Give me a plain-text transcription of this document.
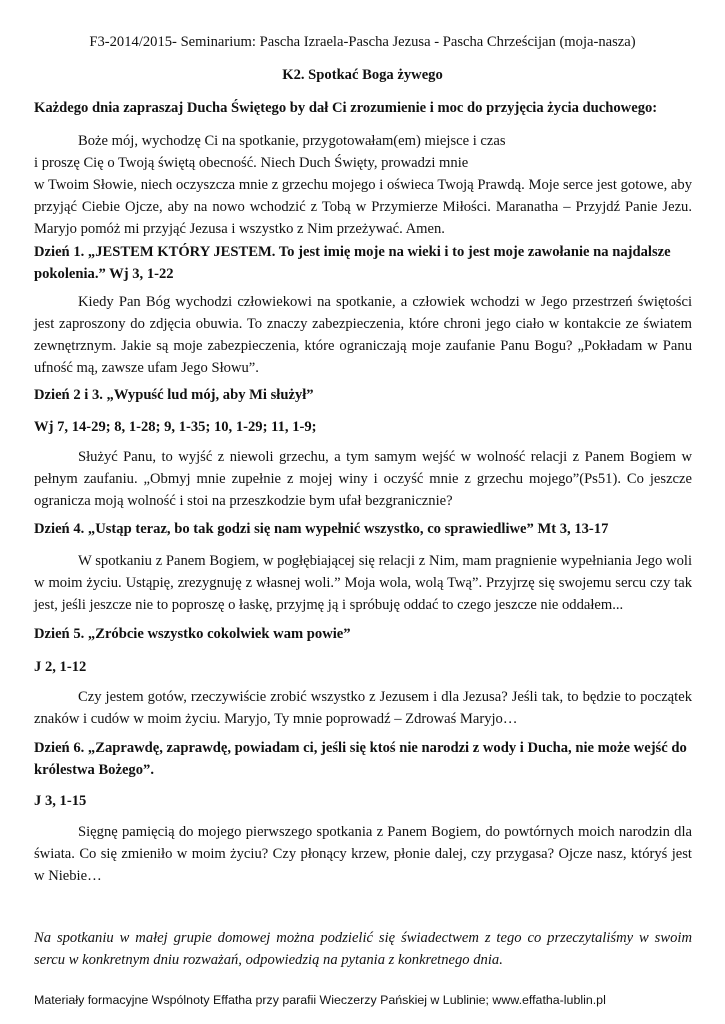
F3-2014/2015- Seminarium: Pascha Izraela-Pascha Jezusa - Pascha Chrześcijan (moja-nasza)
K2. Spotkać Boga żywego
Każdego dnia zapraszaj Ducha Świętego by dał Ci zrozumienie i moc do przyjęcia życia duchowego:
Boże mój, wychodzę Ci na spotkanie, przygotowałam(em) miejsce i czas
i proszę Cię o Twoją świętą obecność. Niech Duch Święty, prowadzi mnie
w Twoim Słowie, niech oczyszcza mnie z grzechu mojego i oświeca Twoją Prawdą. Moje serce jest gotowe, aby przyjąć Ciebie Ojcze, aby na nowo wchodzić z Tobą w Przymierze Miłości. Maranatha – Przyjdź Panie Jezu. Maryjo pomóż mi przyjąć Jezusa i wszystko z Nim przeżywać. Amen.
Dzień 1. „JESTEM KTÓRY JESTEM. To jest imię moje na wieki i to jest moje zawołanie na najdalsze pokolenia.” Wj 3, 1-22
Kiedy Pan Bóg wychodzi człowiekowi na spotkanie, a człowiek wchodzi w Jego przestrzeń świętości jest zaproszony do zdjęcia obuwia. To znaczy zabezpieczenia, które chroni jego ciało w kontakcie ze światem zewnętrznym. Jakie są moje zabezpieczenia, które ograniczają moje zaufanie Panu Bogu? „Pokładam w Panu ufność mą, zawsze ufam Jego Słowu”.
Dzień 2 i 3. „Wypuść lud mój, aby Mi służył”
Wj 7, 14-29; 8, 1-28; 9, 1-35; 10, 1-29; 11, 1-9;
Służyć Panu, to wyjść z niewoli grzechu, a tym samym wejść w wolność relacji z Panem Bogiem w pełnym zaufaniu. „Obmyj mnie zupełnie z mojej winy i oczyść mnie z grzechu mojego”(Ps51). Co jeszcze ogranicza moją wolność i stoi na przeszkodzie bym ufał bezgranicznie?
Dzień 4. „Ustąp teraz, bo tak godzi się nam wypełnić wszystko, co sprawiedliwe” Mt 3, 13-17
W spotkaniu z Panem Bogiem, w pogłębiającej się relacji z Nim, mam pragnienie wypełniania Jego woli w moim życiu. Ustąpię, zrezygnuję z własnej woli.” Moja wola, wolą Twą”. Przyjrzę się swojemu sercu czy tak jest, jeśli jeszcze nie to poproszę o łaskę, przyjmę ją i spróbuję oddać to czego jeszcze nie oddałem...
Dzień 5. „Zróbcie wszystko cokolwiek wam powie”
J 2, 1-12
Czy jestem gotów, rzeczywiście zrobić wszystko z Jezusem i dla Jezusa? Jeśli tak, to będzie to początek znaków i cudów w moim życiu. Maryjo, Ty mnie poprowadź – Zdrowaś Maryjo…
Dzień 6. „Zaprawdę, zaprawdę, powiadam ci, jeśli się ktoś nie narodzi z wody i Ducha, nie może wejść do królestwa Bożego”.
J 3, 1-15
Sięgnę pamięcią do mojego pierwszego spotkania z Panem Bogiem, do powtórnych moich narodzin dla świata. Co się zmieniło w moim życiu? Czy płonący krzew, płonie dalej, czy przygasa? Ojcze nasz, któryś jest w Niebie…
Na spotkaniu w małej grupie domowej można podzielić się świadectwem z tego co przeczytaliśmy w swoim sercu w konkretnym dniu rozważań, odpowiedzią na pytania z konkretnego dnia.
Materiały formacyjne Wspólnoty Effatha przy parafii Wieczerzy Pańskiej w Lublinie; www.effatha-lublin.pl
